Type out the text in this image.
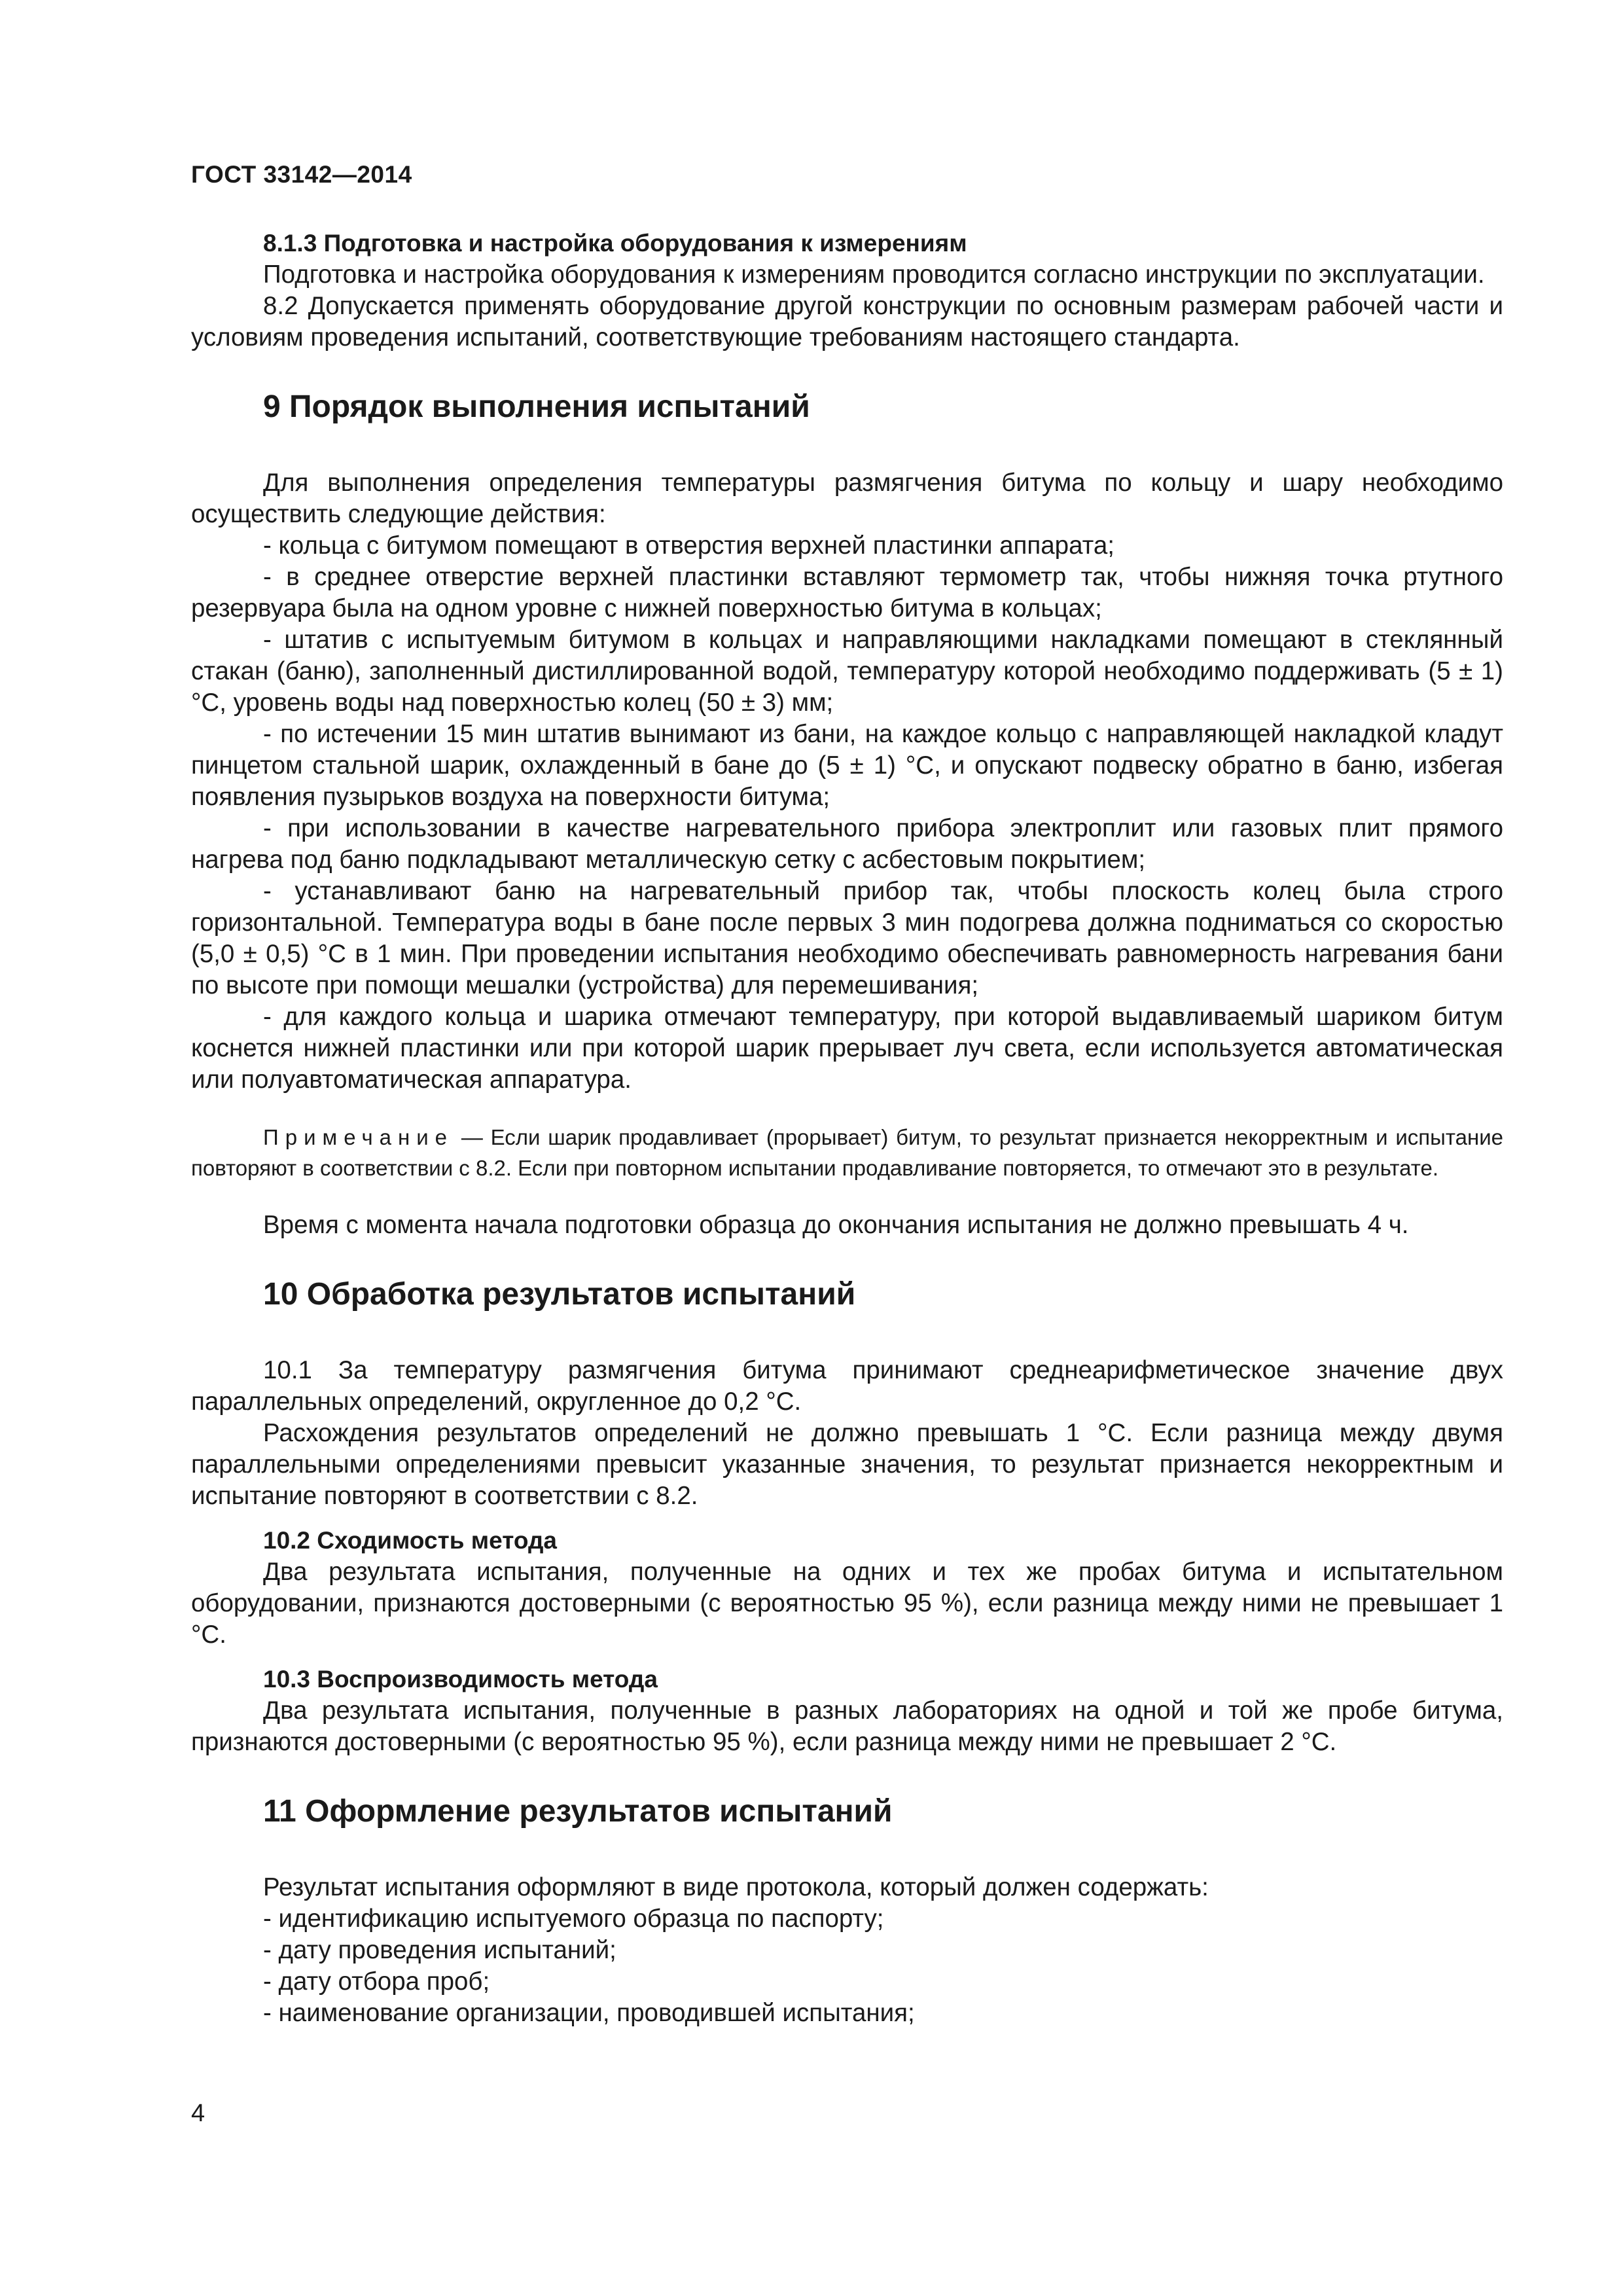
ГОСТ 33142—2014

8.1.3 Подготовка и настройка оборудования к измерениям

Подготовка и настройка оборудования к измерениям проводится согласно инструкции по эксплуатации.

8.2 Допускается применять оборудование другой конструкции по основным размерам рабочей части и условиям проведения испытаний, соответствующие требованиям настоящего стандарта.

9 Порядок выполнения испытаний

Для выполнения определения температуры размягчения битума по кольцу и шару необходимо осуществить следующие действия:

- кольца с битумом помещают в отверстия верхней пластинки аппарата;

- в среднее отверстие верхней пластинки вставляют термометр так, чтобы нижняя точка ртутного резервуара была на одном уровне с нижней поверхностью битума в кольцах;

- штатив с испытуемым битумом в кольцах и направляющими накладками помещают в стеклянный стакан (баню), заполненный дистиллированной водой, температуру которой необходимо поддерживать (5 ± 1) °С, уровень воды над поверхностью колец (50 ± 3) мм;

- по истечении 15 мин штатив вынимают из бани, на каждое кольцо с направляющей накладкой кладут пинцетом стальной шарик, охлажденный в бане до (5 ± 1) °С, и опускают подвеску обратно в баню, избегая появления пузырьков воздуха на поверхности битума;

- при использовании в качестве нагревательного прибора электроплит или газовых плит прямого нагрева под баню подкладывают металлическую сетку с асбестовым покрытием;

- устанавливают баню на нагревательный прибор так, чтобы плоскость колец была строго горизонтальной. Температура воды в бане после первых 3 мин подогрева должна подниматься со скоростью (5,0 ± 0,5) °С в 1 мин. При проведении испытания необходимо обеспечивать равномерность нагревания бани по высоте при помощи мешалки (устройства) для перемешивания;

- для каждого кольца и шарика отмечают температуру, при которой выдавливаемый шариком битум коснется нижней пластинки или при которой шарик прерывает луч света, если используется автоматическая или полуавтоматическая аппаратура.

Примечание — Если шарик продавливает (прорывает) битум, то результат признается некорректным и испытание повторяют в соответствии с 8.2. Если при повторном испытании продавливание повторяется, то отмечают это в результате.

Время с момента начала подготовки образца до окончания испытания не должно превышать 4 ч.

10 Обработка результатов испытаний

10.1 За температуру размягчения битума принимают среднеарифметическое значение двух параллельных определений, округленное до 0,2 °С.

Расхождения результатов определений не должно превышать 1 °С. Если разница между двумя параллельными определениями превысит указанные значения, то результат признается некорректным и испытание повторяют в соответствии с 8.2.

10.2 Сходимость метода

Два результата испытания, полученные на одних и тех же пробах битума и испытательном оборудовании, признаются достоверными (с вероятностью 95 %), если разница между ними не превышает 1 °С.

10.3 Воспроизводимость метода

Два результата испытания, полученные в разных лабораториях на одной и той же пробе битума, признаются достоверными (с вероятностью 95 %), если разница между ними не превышает 2 °С.

11 Оформление результатов испытаний

Результат испытания оформляют в виде протокола, который должен содержать:

- идентификацию испытуемого образца по паспорту;

- дату проведения испытаний;

- дату отбора проб;

- наименование организации, проводившей испытания;

4
